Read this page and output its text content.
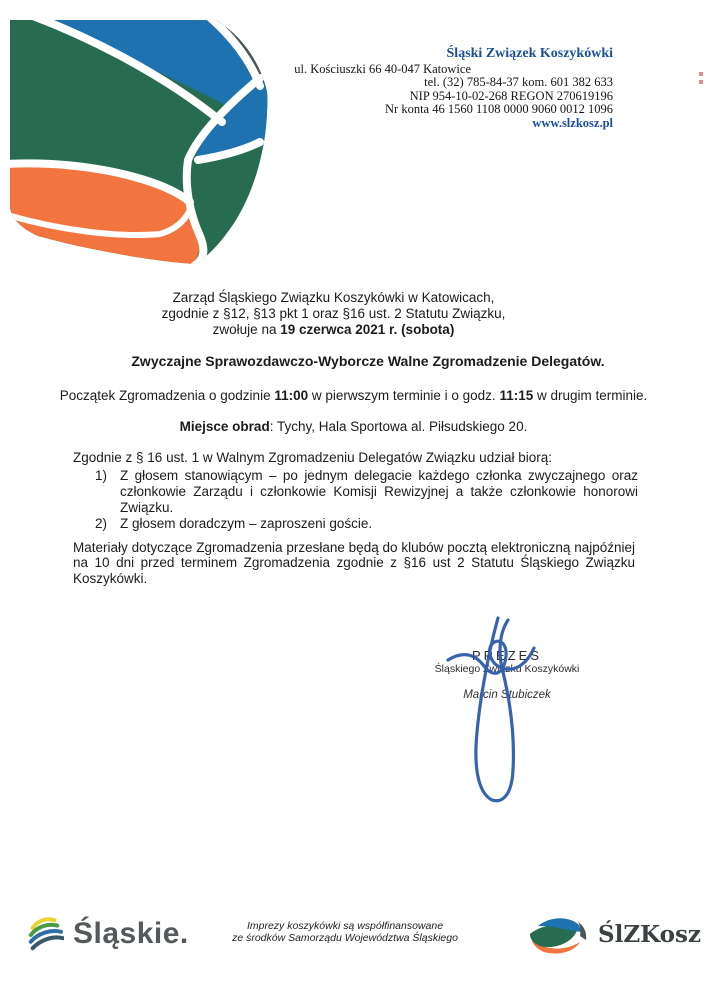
Śląski Związek Koszykówki
ul. Kościuszki 66 40-047 Katowice
tel. (32) 785-84-37 kom. 601 382 633
NIP 954-10-02-268 REGON 270619196
Nr konta 46 1560 1108 0000 9060 0012 1096
www.slzkosz.pl
Zarząd Śląskiego Związku Koszykówki w Katowicach,
zgodnie z §12, §13 pkt 1 oraz §16 ust. 2 Statutu Związku,
zwołuje na 19 czerwca 2021 r. (sobota)
Zwyczajne Sprawozdawczo-Wyborcze Walne Zgromadzenie Delegatów.
Początek Zgromadzenia o godzinie 11:00 w pierwszym terminie i o godz. 11:15 w drugim terminie.
Miejsce obrad: Tychy, Hala Sportowa al. Piłsudskiego 20.
Zgodnie z § 16 ust. 1 w Walnym Zgromadzeniu Delegatów Związku udział biorą:
1) Z głosem stanowiącym – po jednym delegacie każdego członka zwyczajnego oraz członkowie Zarządu i członkowie Komisji Rewizyjnej a także członkowie honorowi Związku.
2) Z głosem doradczym – zaproszeni goście.

Materiały dotyczące Zgromadzenia przesłane będą do klubów pocztą elektroniczną najpóźniej na 10 dni przed terminem Zgromadzenia zgodnie z §16 ust 2 Statutu Śląskiego Związku Koszykówki.

PREZES
Śląskiego Związku Koszykówki
Marcin Stubiczek
Śląskie.	Imprezy koszykówki są współfinansowane
ze środków Samorządu Województwa Śląskiego	ŚlZKosz
